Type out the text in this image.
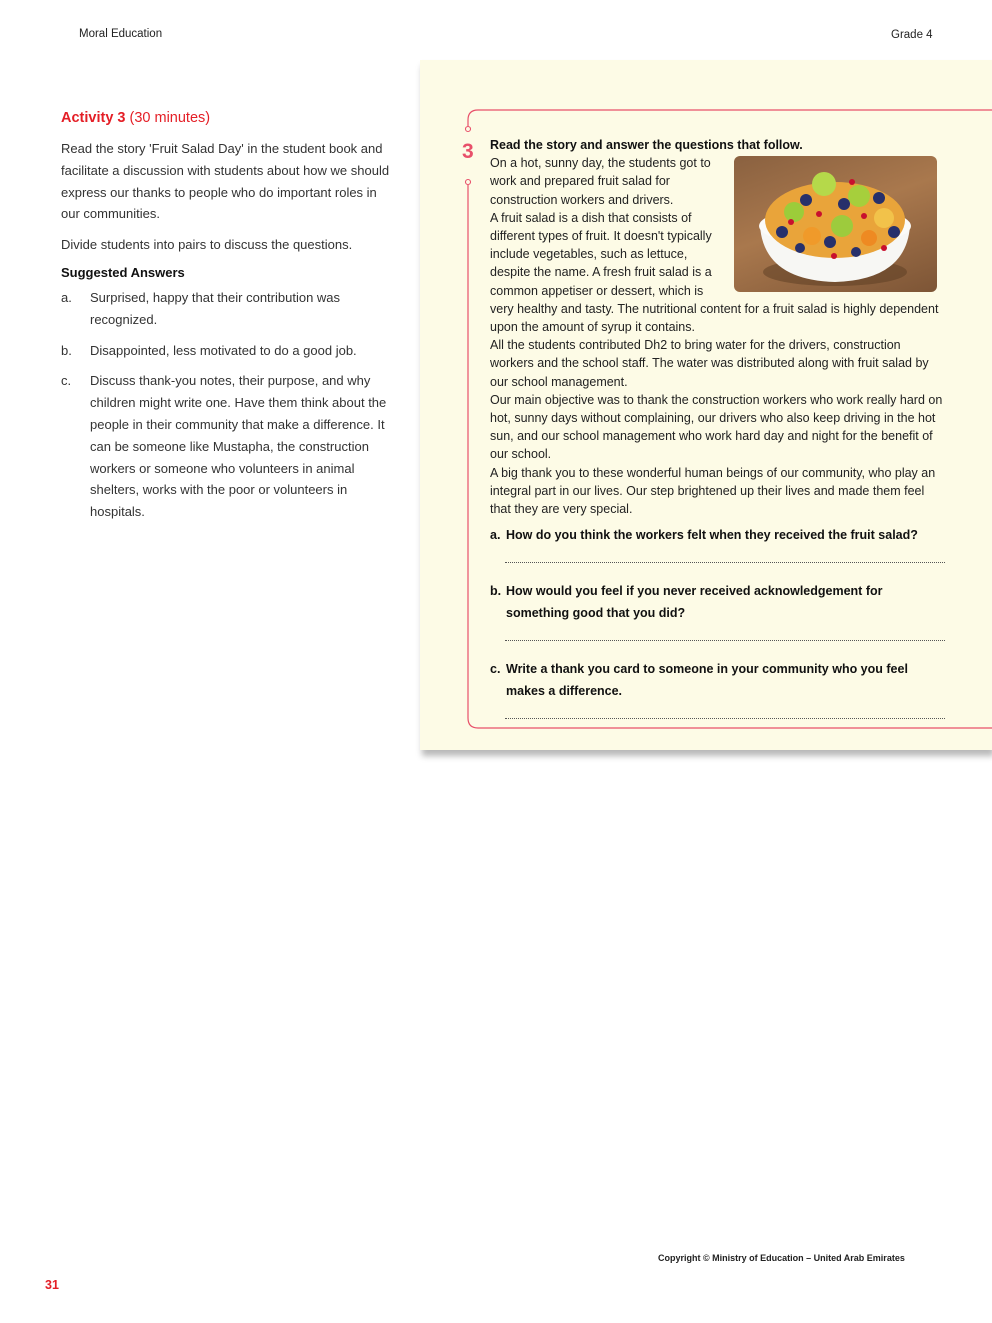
Moral Education	Grade 4
Activity 3 (30 minutes)

Read the story 'Fruit Salad Day' in the student book and facilitate a discussion with students about how we should express our thanks to people who do important roles in our communities.

Divide students into pairs to discuss the questions.

Suggested Answers
a.	Surprised, happy that their contribution was recognized.
b.	Disappointed, less motivated to do a good job.
c.	Discuss thank-you notes, their purpose, and why children might write one. Have them think about the people in their community that make a difference. It can be someone like Mustapha, the construction workers or someone who volunteers in animal shelters, works with the poor or volunteers in hospitals.
3 Read the story and answer the questions that follow.

On a hot, sunny day, the students got to work and prepared fruit salad for construction workers and drivers.

A fruit salad is a dish that consists of different types of fruit. It doesn't typically include vegetables, such as lettuce, despite the name. A fresh fruit salad is a common appetiser or dessert, which is very healthy and tasty. The nutritional content for a fruit salad is highly dependent upon the amount of syrup it contains.

All the students contributed Dh2 to bring water for the drivers, construction workers and the school staff. The water was distributed along with fruit salad by our school management.

Our main objective was to thank the construction workers who work really hard on hot, sunny days without complaining, our drivers who also keep driving in the hot sun, and our school management who work hard day and night for the benefit of our school.

A big thank you to these wonderful human beings of our community, who play an integral part in our lives. Our step brightened up their lives and made them feel that they are very special.

a. How do you think the workers felt when they received the fruit salad?
b. How would you feel if you never received acknowledgement for something good that you did?
c. Write a thank you card to someone in your community who you feel makes a difference.
Copyright © Ministry of Education – United Arab Emirates
31
